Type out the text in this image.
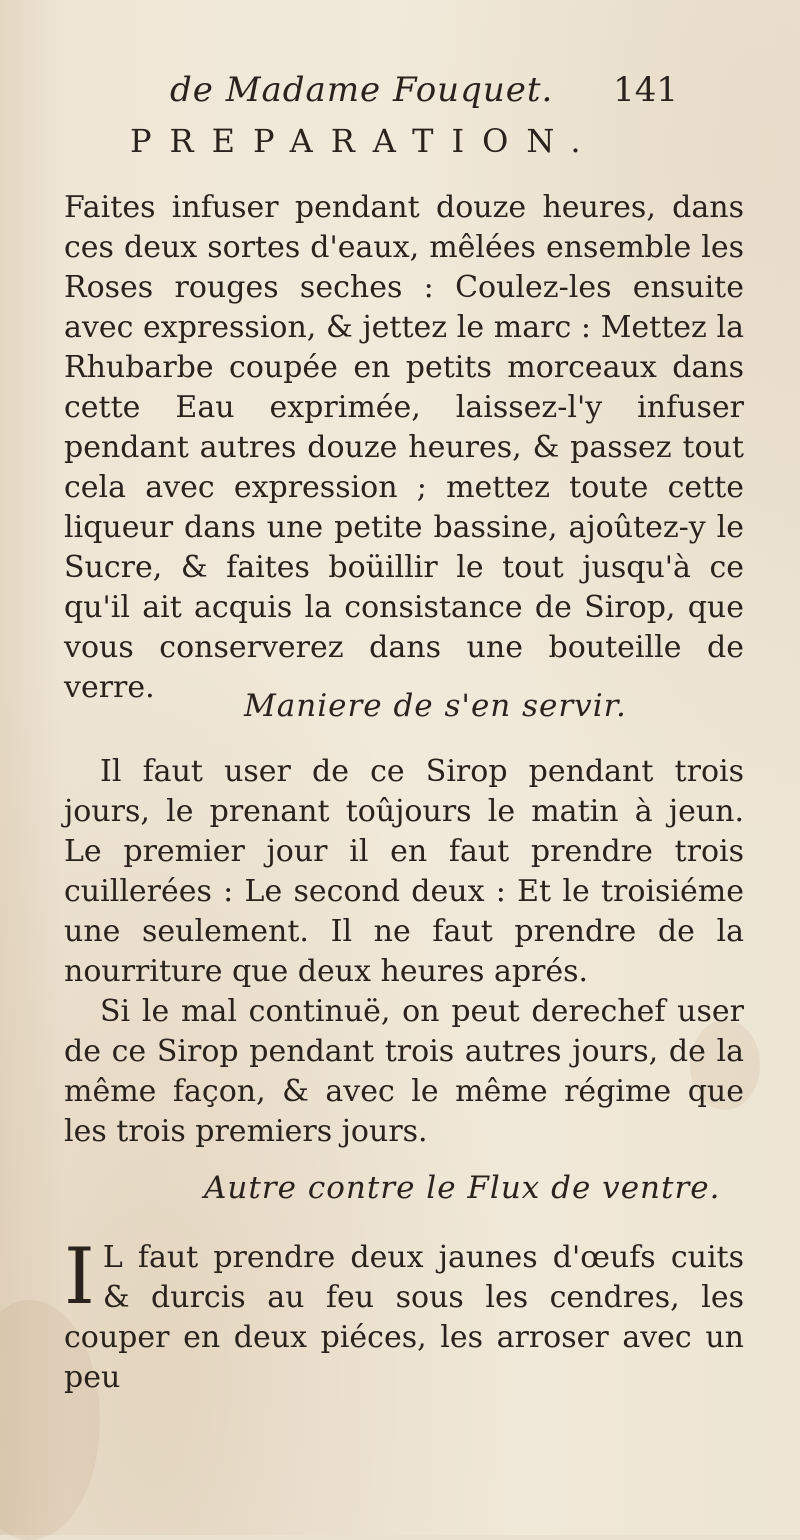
de Madame Fouquet. 141
PREPARATION.

Faites infuser pendant douze heures, dans ces deux sortes d'eaux, mêlées ensemble les Roses rouges seches : Coulez-les ensuite avec expression, & jettez le marc : Mettez la Rhubarbe coupée en petits morceaux dans cette Eau exprimée, laissez-l'y infuser pendant autres douze heures, & passez tout cela avec expression ; mettez toute cette liqueur dans une petite bassine, ajoûtez-y le Sucre, & faites boüillir le tout jusqu'à ce qu'il ait acquis la consistance de Sirop, que vous conserverez dans une bouteille de verre.

Maniere de s'en servir.

Il faut user de ce Sirop pendant trois jours, le prenant toûjours le matin à jeun. Le premier jour il en faut prendre trois cuillerées : Le second deux : Et le troisiéme une seulement. Il ne faut prendre de la nourriture que deux heures aprés.

Si le mal continuë, on peut derechef user de ce Sirop pendant trois autres jours, de la même façon, & avec le même régime que les trois premiers jours.

Autre contre le Flux de ventre.
I L faut prendre deux jaunes d'œufs cuits & durcis au feu sous les cendres, les couper en deux piéces, les arroser avec un peu
